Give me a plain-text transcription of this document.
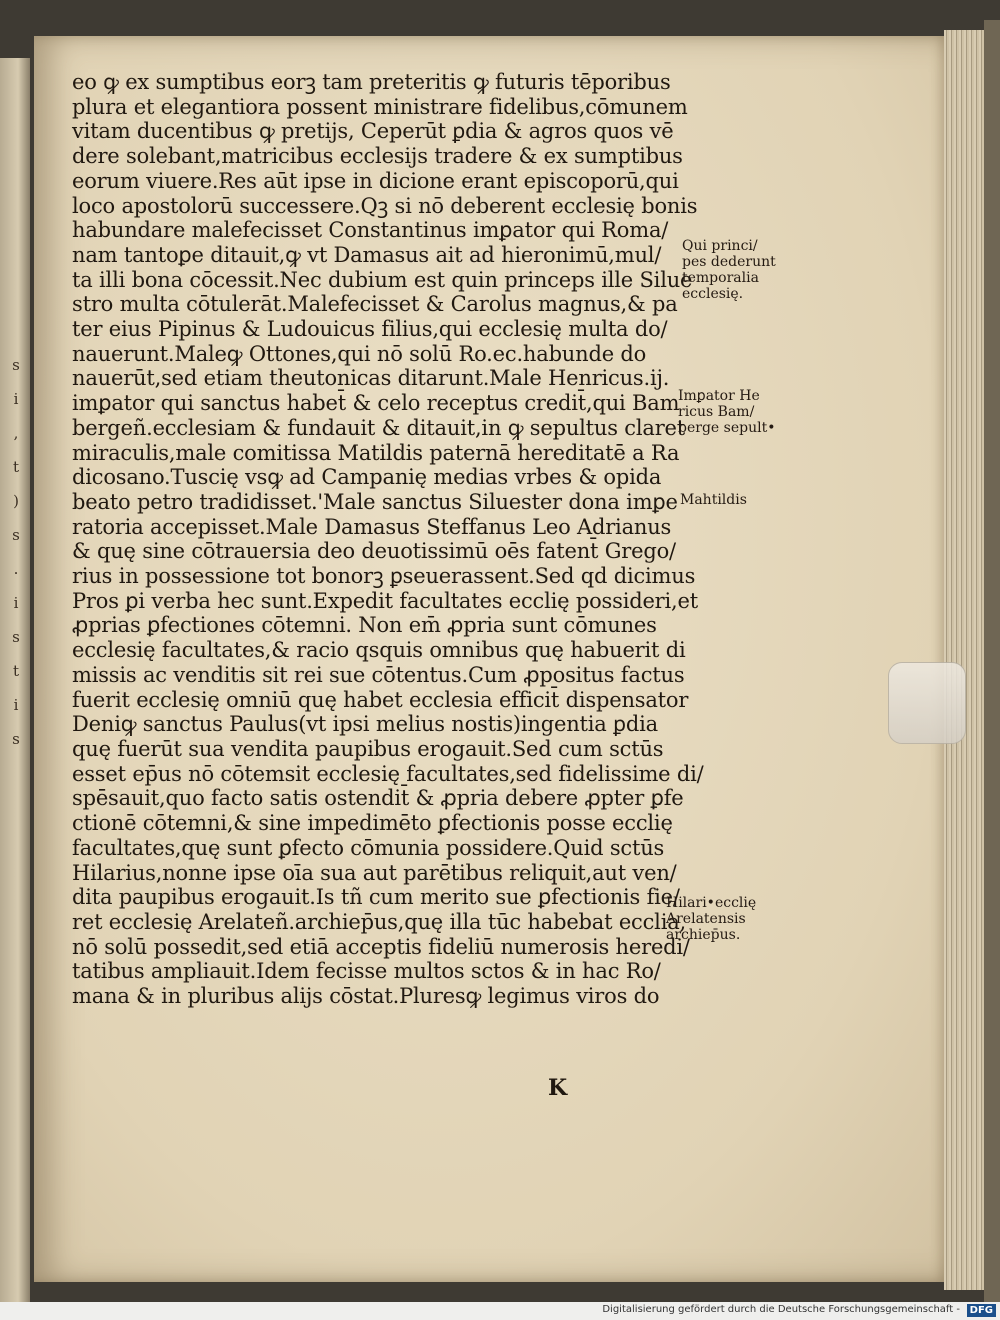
s
i
,
t
)
s
.
i
s
t
i
s
eo ꝙ ex sumptibus eorꝫ tam preteritis ꝙ futuris tēporibus
plura et elegantiora possent ministrare fidelibus,cōmunem
vitam ducentibus ꝙ pretijs, Ceperūt ꝑdia & agros quos vē
dere solebant,matricibus ecclesijs tradere & ex sumptibus
eorum viuere.Res aūt ipse in dicione erant episcoporū,qui
loco apostolorū successere.Qꝫ si nō deberent ecclesię bonis
habundare malefecisset Constantinus imꝑator qui Roma/
nam tantoꝑe ditauit,ꝙ vt Damasus ait ad hieronimū,mul/
ta illi bona cōcessit.Nec dubium est quin princeps ille Silue
stro multa cōtulerāt.Malefecisset & Carolus magnus,& pa
ter eius Pipinus & Ludouicus filius,qui ecclesię multa do/
nauerunt.Maleꝙ Ottones,qui nō solū Ro.ec.habunde do
nauerūt,sed etiam theutonicas ditarunt.Male Henricus.ij.
imꝑator qui sanctus habet̄ & celo receptus credit̄,qui Bam
bergeñ.ecclesiam & fundauit & ditauit,in ꝙ sepultus claret
miraculis,male comitissa Matildis paternā hereditatē a Ra
dicosano.Tuscię vsꝙ ad Campanię medias vrbes & opida
beato petro tradidisset.'Male sanctus Siluester dona imꝑe
ratoria accepisset.Male Damasus Steffanus Leo Adrianus
& quę sine cōtrauersia deo deuotissimū oēs fatent̄ Grego/
rius in possessione tot bonorꝫ ꝑseuerassent.Sed qd dicimus
Pros ꝑi verba hec sunt.Expedit facultates ecclię possideri,et
ꝓprias ꝑfectiones cōtemni. Non em̄ ꝓpria sunt cōmunes
ecclesię facultates,& racio qsquis omnibus quę habuerit di
missis ac venditis sit rei sue cōtentus.Cum ꝓpositus factus
fuerit ecclesię omniū quę habet ecclesia efficit̄ dispensator
Deniꝙ sanctus Paulus(vt ipsi melius nostis)ingentia ꝑdia
quę fuerūt sua vendita paupibus erogauit.Sed cum sctūs
esset ep̄us nō cōtemsit ecclesię facultates,sed fidelissime di/
spēsauit,quo facto satis ostendit̄ & ꝓpria debere ꝓpter ꝑfe
ctionē cōtemni,& sine impedimēto ꝑfectionis posse ecclię
facultates,quę sunt ꝑfecto cōmunia possidere.Quid sctūs
Hilarius,nonne ipse oīa sua aut parētibus reliquit,aut ven/
dita paupibus erogauit.Is tñ cum merito sue ꝑfectionis fie/
ret ecclesię Arelateñ.archiep̄us,quę illa tūc habebat ecclia,
nō solū possedit,sed etiā acceptis fideliū numerosis heredi/
tatibus ampliauit.Idem fecisse multos sctos & in hac Ro/
mana & in pluribus alijs cōstat.Pluresꝙ legimus viros do
K
Qui princi/
pes dederunt
temporalia
ecclesię.
Imꝑator He
ricus Bam/
berge sepult•
Mahtildis
Hilari•ecclię
Arelatensis
archiep̄us.
Digitalisierung gefördert durch die Deutsche Forschungsgemeinschaft - DFG
